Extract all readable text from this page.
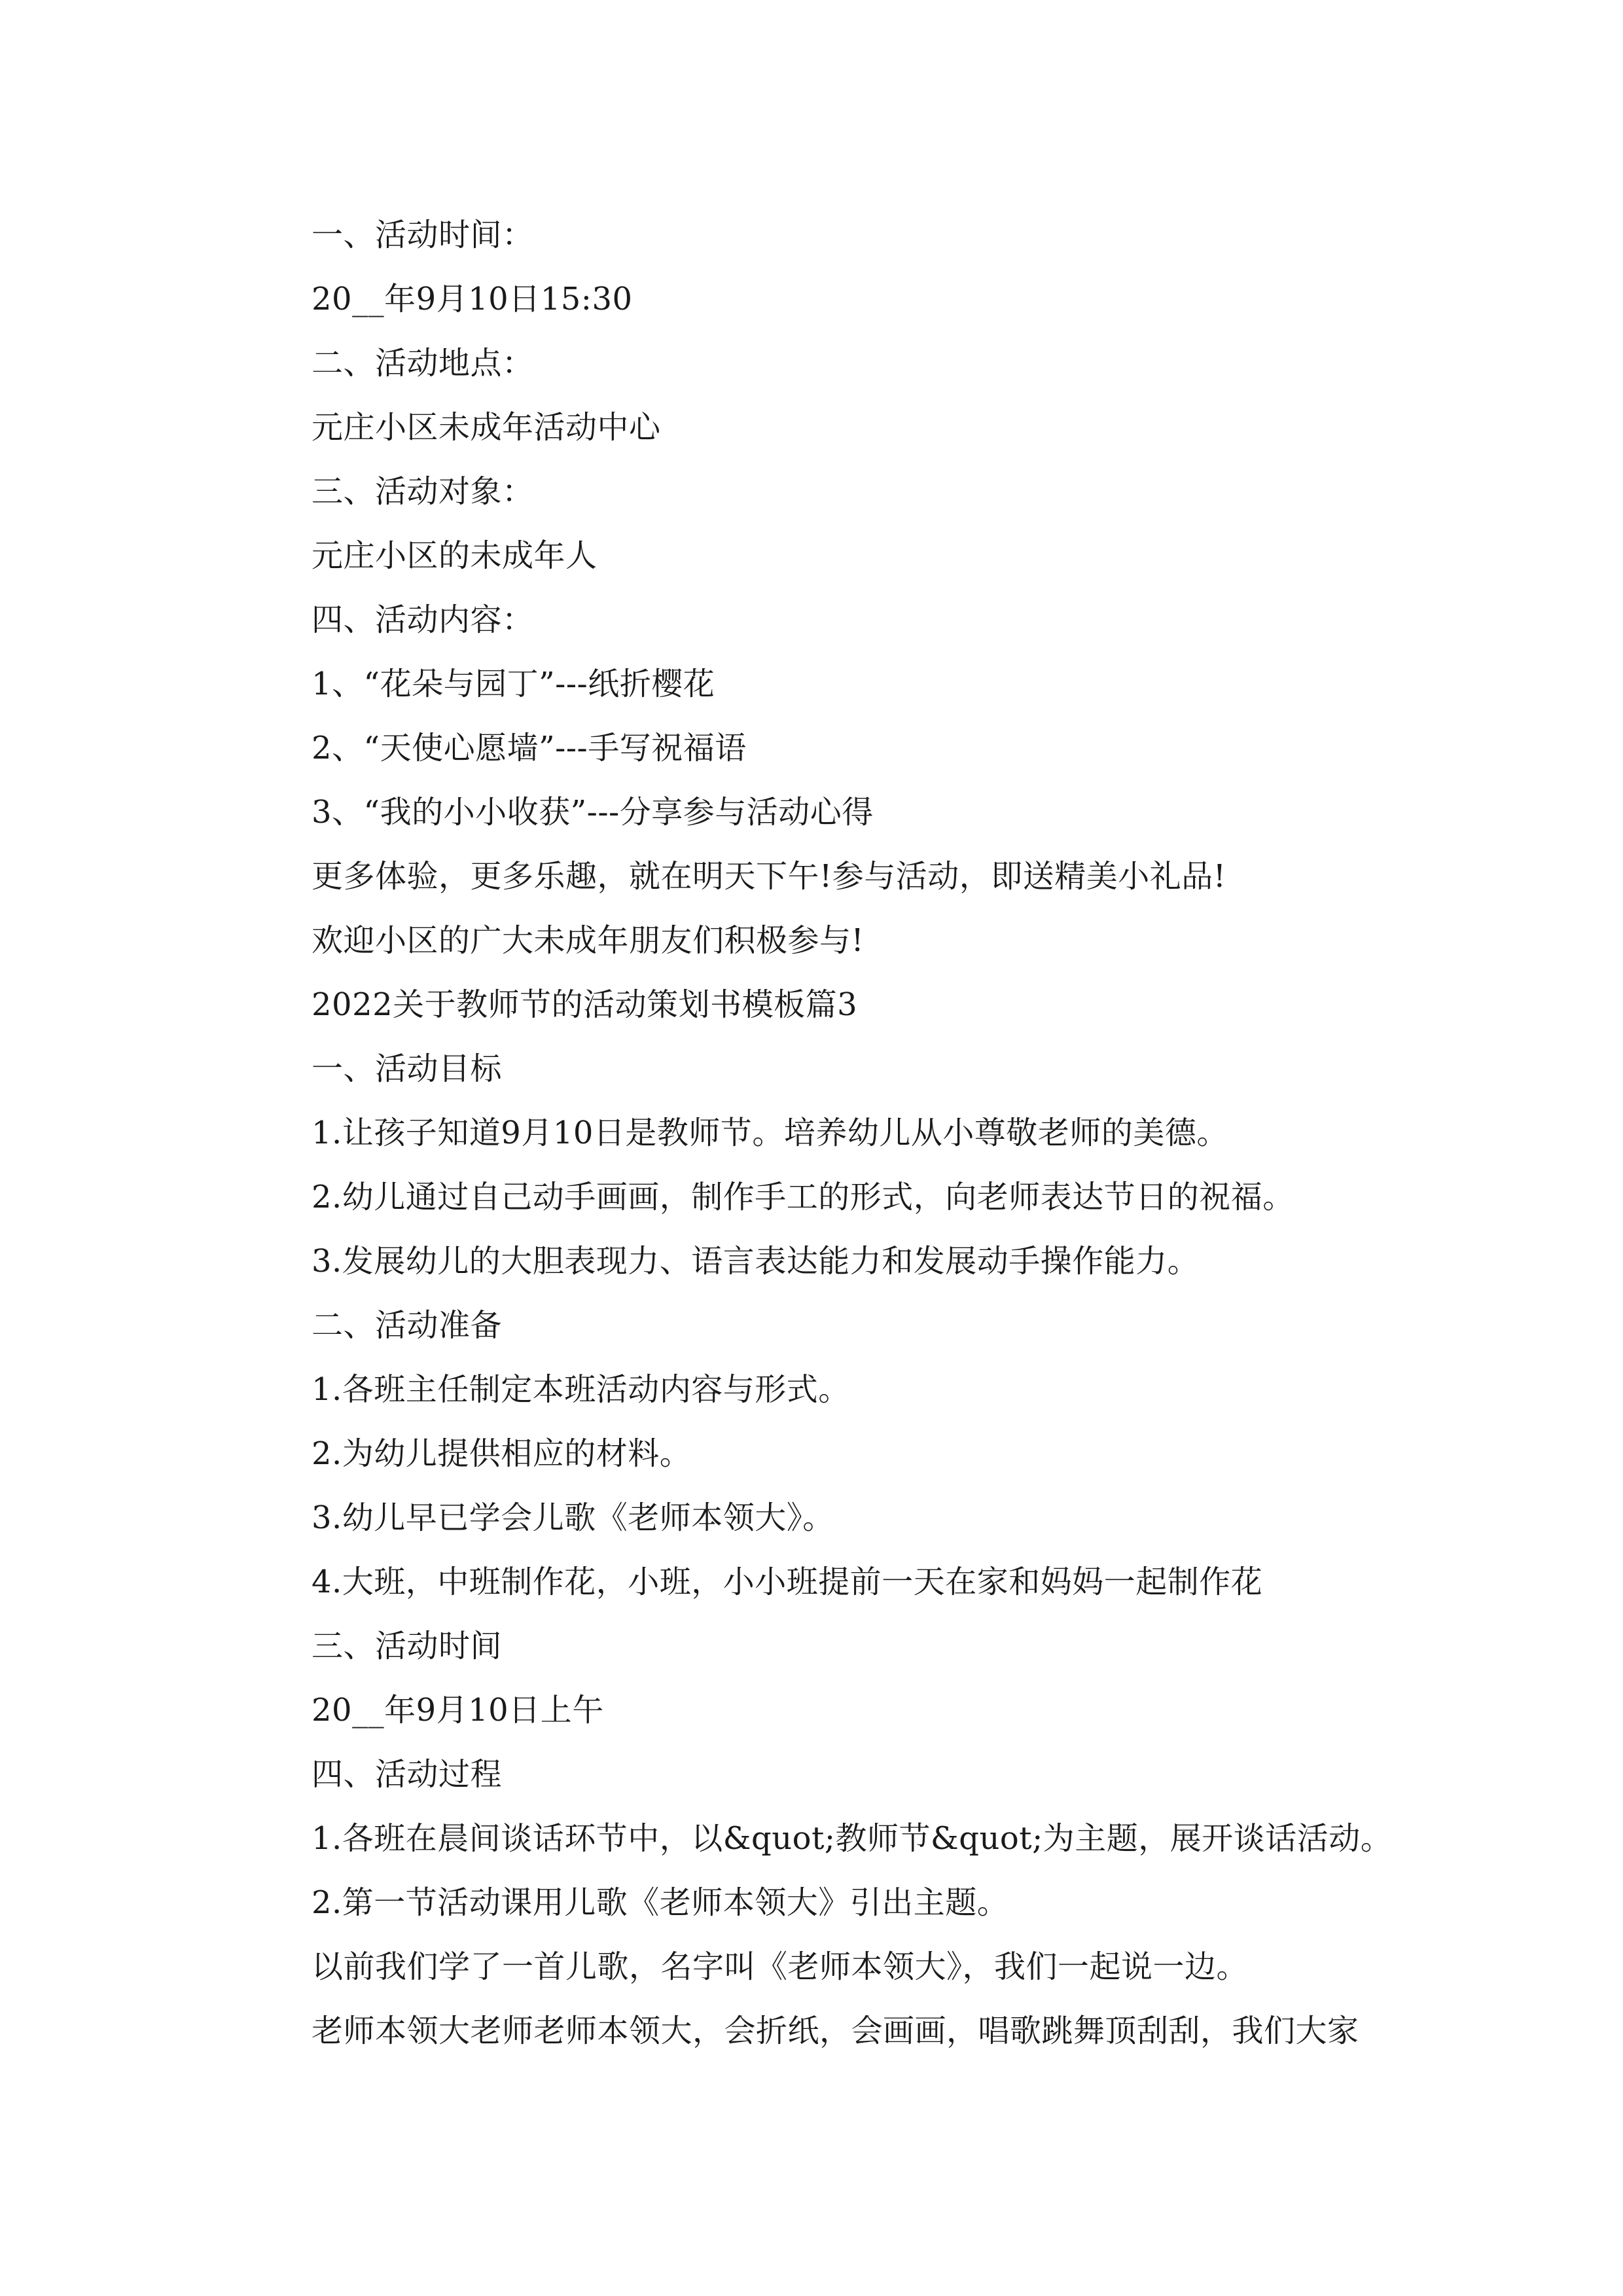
一、活动时间：
20__年9月10日15:30
二、活动地点：
元庄小区未成年活动中心
三、活动对象：
元庄小区的未成年人
四、活动内容：
1、“花朵与园丁”---纸折樱花
2、“天使心愿墙”---手写祝福语
3、“我的小小收获”---分享参与活动心得
更多体验，更多乐趣，就在明天下午!参与活动，即送精美小礼品!
欢迎小区的广大未成年朋友们积极参与!
2022关于教师节的活动策划书模板篇3
一、活动目标
1.让孩子知道9月10日是教师节。培养幼儿从小尊敬老师的美德。
2.幼儿通过自己动手画画，制作手工的形式，向老师表达节日的祝福。
3.发展幼儿的大胆表现力、语言表达能力和发展动手操作能力。
二、活动准备
1.各班主任制定本班活动内容与形式。
2.为幼儿提供相应的材料。
3.幼儿早已学会儿歌《老师本领大》。
4.大班，中班制作花，小班，小小班提前一天在家和妈妈一起制作花
三、活动时间
20__年9月10日上午
四、活动过程
1.各班在晨间谈话环节中，以&quot;教师节&quot;为主题，展开谈话活动。
2.第一节活动课用儿歌《老师本领大》引出主题。
以前我们学了一首儿歌，名字叫《老师本领大》，我们一起说一边。
老师本领大老师老师本领大，会折纸，会画画，唱歌跳舞顶刮刮，我们大家
